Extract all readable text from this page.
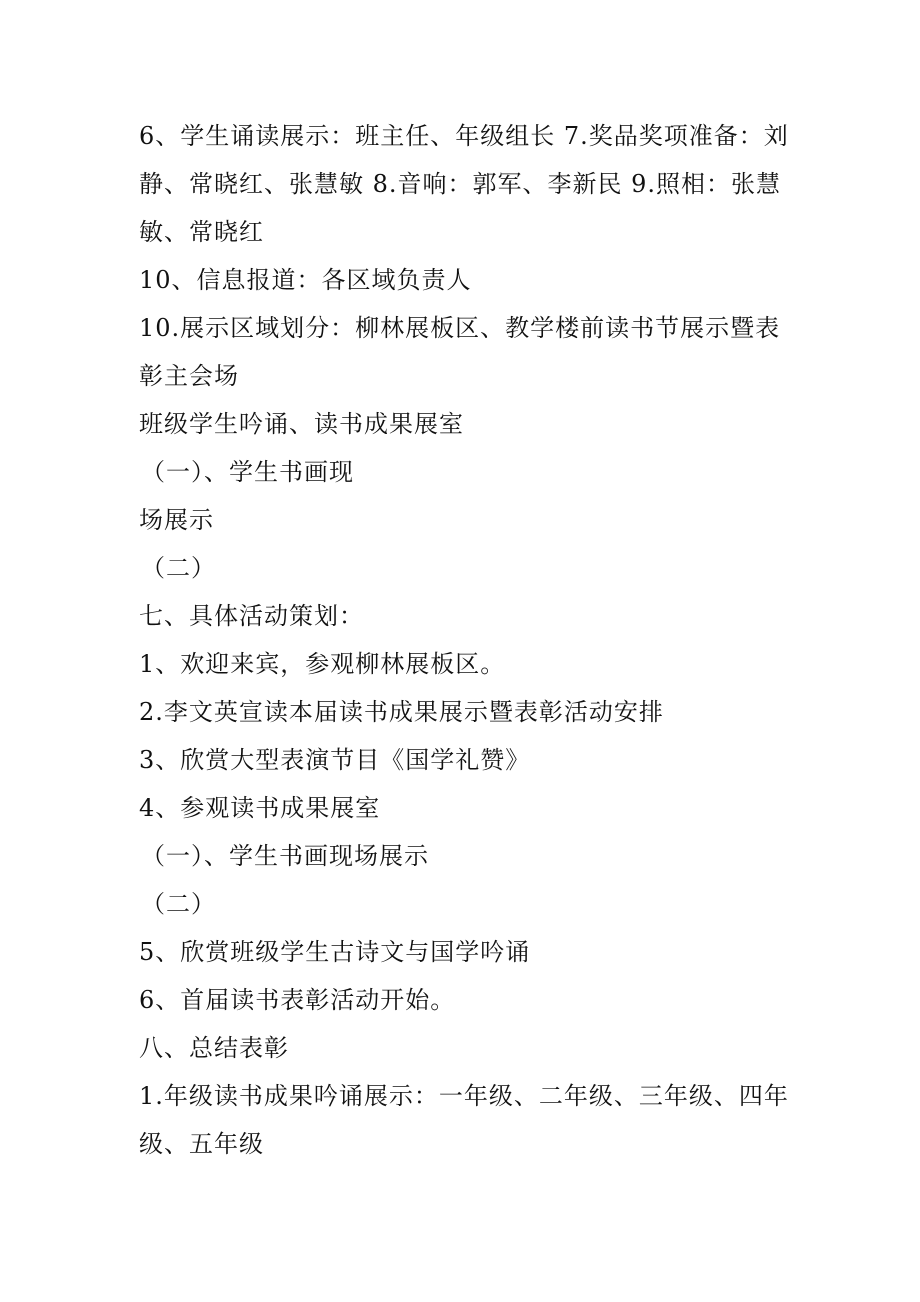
6、学生诵读展示：班主任、年级组长 7.奖品奖项准备：刘静、常晓红、张慧敏 8.音响：郭军、李新民 9.照相：张慧敏、常晓红

10、信息报道：各区域负责人

10.展示区域划分：柳林展板区、教学楼前读书节展示暨表彰主会场

班级学生吟诵、读书成果展室

（一）、学生书画现

场展示

（二）

七、具体活动策划：

1、欢迎来宾，参观柳林展板区。

2.李文英宣读本届读书成果展示暨表彰活动安排

3、欣赏大型表演节目《国学礼赞》

4、参观读书成果展室

（一）、学生书画现场展示

（二）

5、欣赏班级学生古诗文与国学吟诵

6、首届读书表彰活动开始。

八、总结表彰

1.年级读书成果吟诵展示：一年级、二年级、三年级、四年级、五年级
